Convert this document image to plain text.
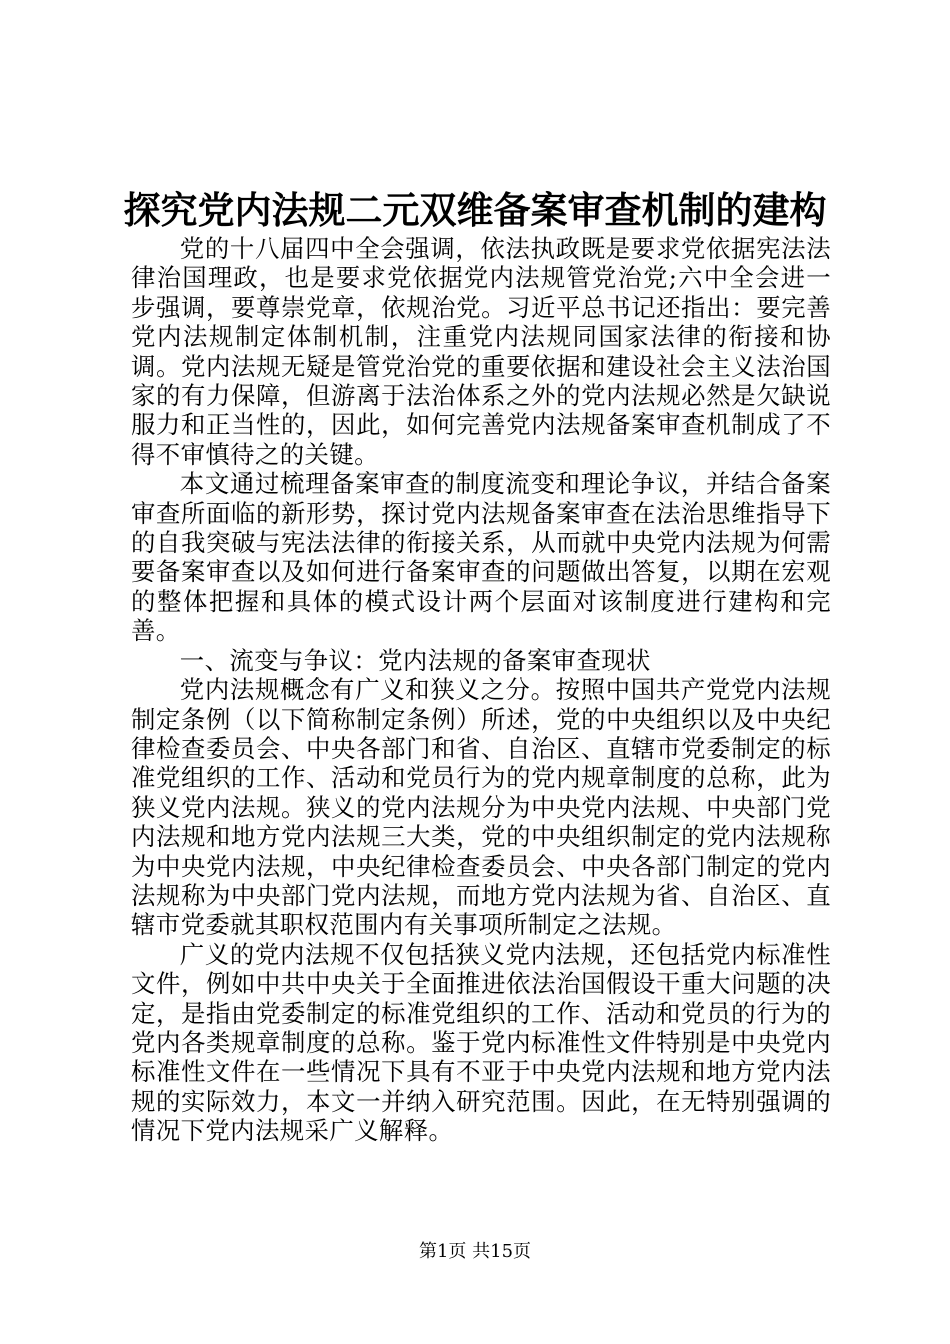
探究党内法规二元双维备案审查机制的建构

党的十八届四中全会强调，依法执政既是要求党依据宪法法律治国理政，也是要求党依据党内法规管党治党;六中全会进一步强调，要尊崇党章，依规治党。习近平总书记还指出：要完善党内法规制定体制机制，注重党内法规同国家法律的衔接和协调。党内法规无疑是管党治党的重要依据和建设社会主义法治国家的有力保障，但游离于法治体系之外的党内法规必然是欠缺说服力和正当性的，因此，如何完善党内法规备案审查机制成了不得不审慎待之的关键。

本文通过梳理备案审查的制度流变和理论争议，并结合备案审查所面临的新形势，探讨党内法规备案审查在法治思维指导下的自我突破与宪法法律的衔接关系，从而就中央党内法规为何需要备案审查以及如何进行备案审查的问题做出答复，以期在宏观的整体把握和具体的模式设计两个层面对该制度进行建构和完善。

一、流变与争议：党内法规的备案审查现状

党内法规概念有广义和狭义之分。按照中国共产党党内法规制定条例（以下简称制定条例）所述，党的中央组织以及中央纪律检查委员会、中央各部门和省、自治区、直辖市党委制定的标准党组织的工作、活动和党员行为的党内规章制度的总称，此为狭义党内法规。狭义的党内法规分为中央党内法规、中央部门党内法规和地方党内法规三大类，党的中央组织制定的党内法规称为中央党内法规，中央纪律检查委员会、中央各部门制定的党内法规称为中央部门党内法规，而地方党内法规为省、自治区、直辖市党委就其职权范围内有关事项所制定之法规。

广义的党内法规不仅包括狭义党内法规，还包括党内标准性文件，例如中共中央关于全面推进依法治国假设干重大问题的决定，是指由党委制定的标准党组织的工作、活动和党员的行为的党内各类规章制度的总称。鉴于党内标准性文件特别是中央党内标准性文件在一些情况下具有不亚于中央党内法规和地方党内法规的实际效力，本文一并纳入研究范围。因此，在无特别强调的情况下党内法规采广义解释。

第1页 共15页
